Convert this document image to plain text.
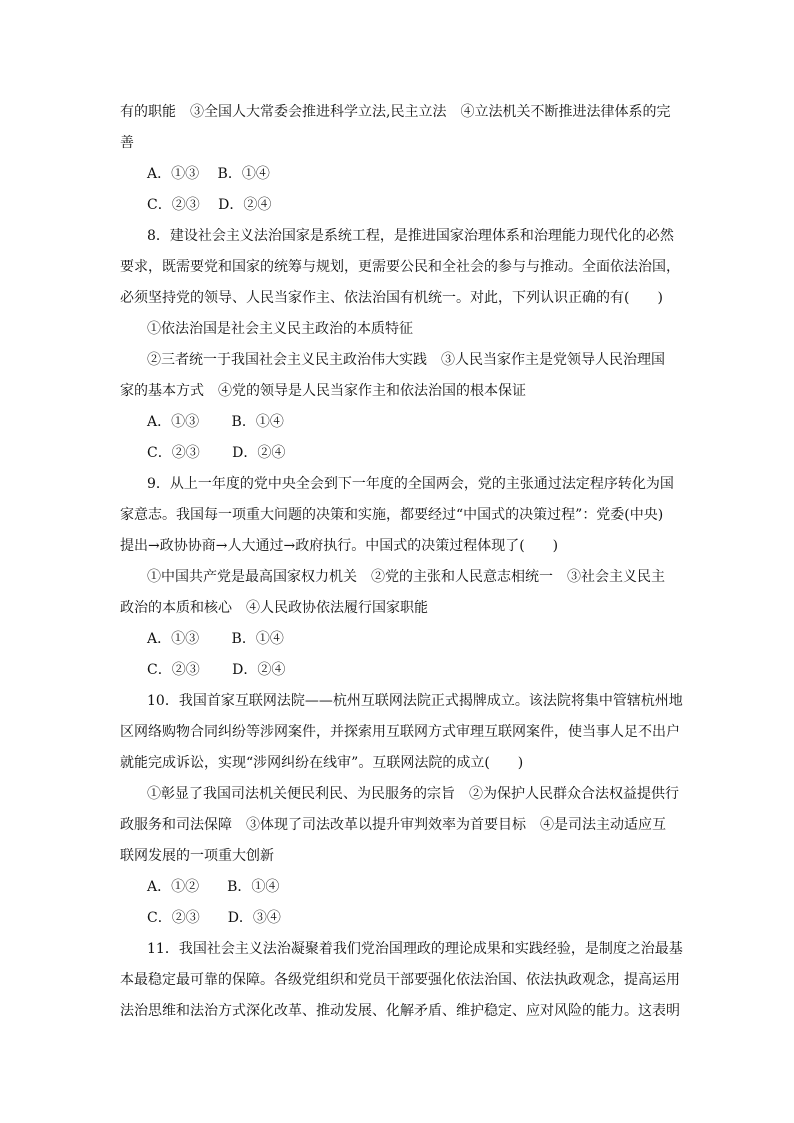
有的职能　③全国人大常委会推进科学立法,民主立法　④立法机关不断推进法律体系的完
善
A．①③　 B．①④
C．②③　 D．②④
8．建设社会主义法治国家是系统工程，是推进国家治理体系和治理能力现代化的必然
要求，既需要党和国家的统筹与规划，更需要公民和全社会的参与与推动。全面依法治国，
必须坚持党的领导、人民当家作主、依法治国有机统一。对此，下列认识正确的有(　　)
①依法治国是社会主义民主政治的本质特征
②三者统一于我国社会主义民主政治伟大实践　③人民当家作主是党领导人民治理国
家的基本方式　④党的领导是人民当家作主和依法治国的根本保证
A．①③　　 B．①④
C．②③　　 D．②④
9．从上一年度的党中央全会到下一年度的全国两会，党的主张通过法定程序转化为国
家意志。我国每一项重大问题的决策和实施，都要经过“中国式的决策过程”：党委(中央)
提出→政协协商→人大通过→政府执行。中国式的决策过程体现了(　　)
①中国共产党是最高国家权力机关　②党的主张和人民意志相统一　③社会主义民主
政治的本质和核心　④人民政协依法履行国家职能
A．①③　　 B．①④
C．②③　　 D．②④
10．我国首家互联网法院——杭州互联网法院正式揭牌成立。该法院将集中管辖杭州地
区网络购物合同纠纷等涉网案件，并探索用互联网方式审理互联网案件，使当事人足不出户
就能完成诉讼，实现“涉网纠纷在线审”。互联网法院的成立(　　)
①彰显了我国司法机关便民利民、为民服务的宗旨　②为保护人民群众合法权益提供行
政服务和司法保障　③体现了司法改革以提升审判效率为首要目标　④是司法主动适应互
联网发展的一项重大创新
A．①②　　B．①④
C．②③　　D．③④
11．我国社会主义法治凝聚着我们党治国理政的理论成果和实践经验，是制度之治最基
本最稳定最可靠的保障。各级党组织和党员干部要强化依法治国、依法执政观念，提高运用
法治思维和法治方式深化改革、推动发展、化解矛盾、维护稳定、应对风险的能力。这表明
